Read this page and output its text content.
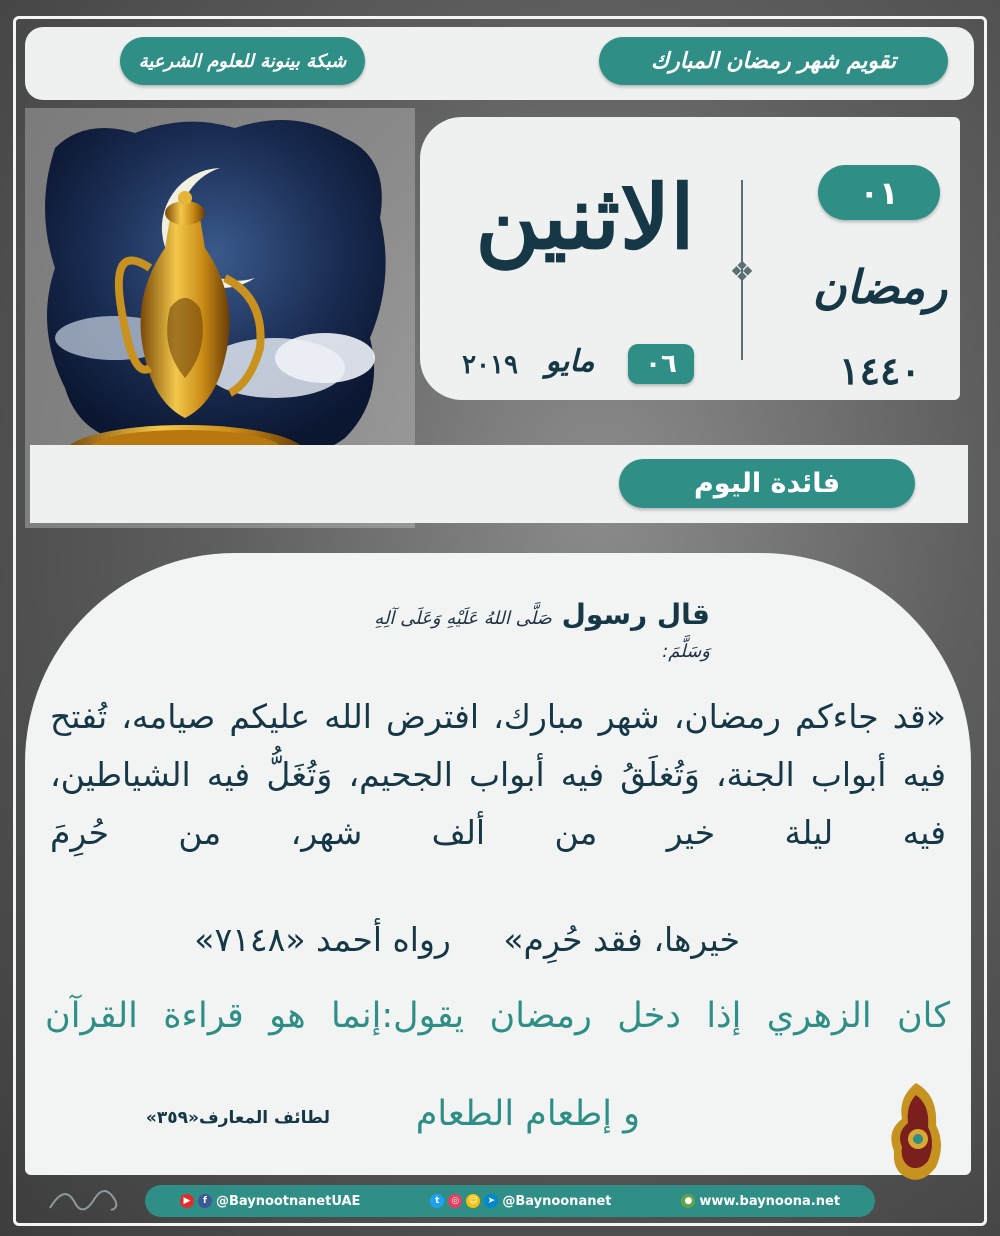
تقويم شهر رمضان المبارك
شبكة بينونة للعلوم الشرعية
٠١
رمضان
١٤٤٠
❖
الاثنين
٠٦
مايو
٢٠١٩
فائدة اليوم
قال رسول صَلَّى اللهُ عَلَيْهِ وَعَلَى آلِهِ وَسَلَّمَ:
«قد جاءكم رمضان، شهر مبارك، افترض الله عليكم صيامه، تُفتح فيه أبواب الجنة، وَتُغلَقُ فيه أبواب الجحيم، وَتُغَلُّ فيه الشياطين، فيه ليلة خير من ألف شهر، من حُرِمَ
خيرها، فقد حُرِم» رواه أحمد «٧١٤٨»
كان الزهري إذا دخل رمضان يقول:إنما هو قراءة القرآن
و إطعام الطعام
لطائف المعارف«٣٥٩»
▶	f @BaynootnanetUAE	t	◎	☺	➤ @Baynoonanet	● www.baynoona.net
